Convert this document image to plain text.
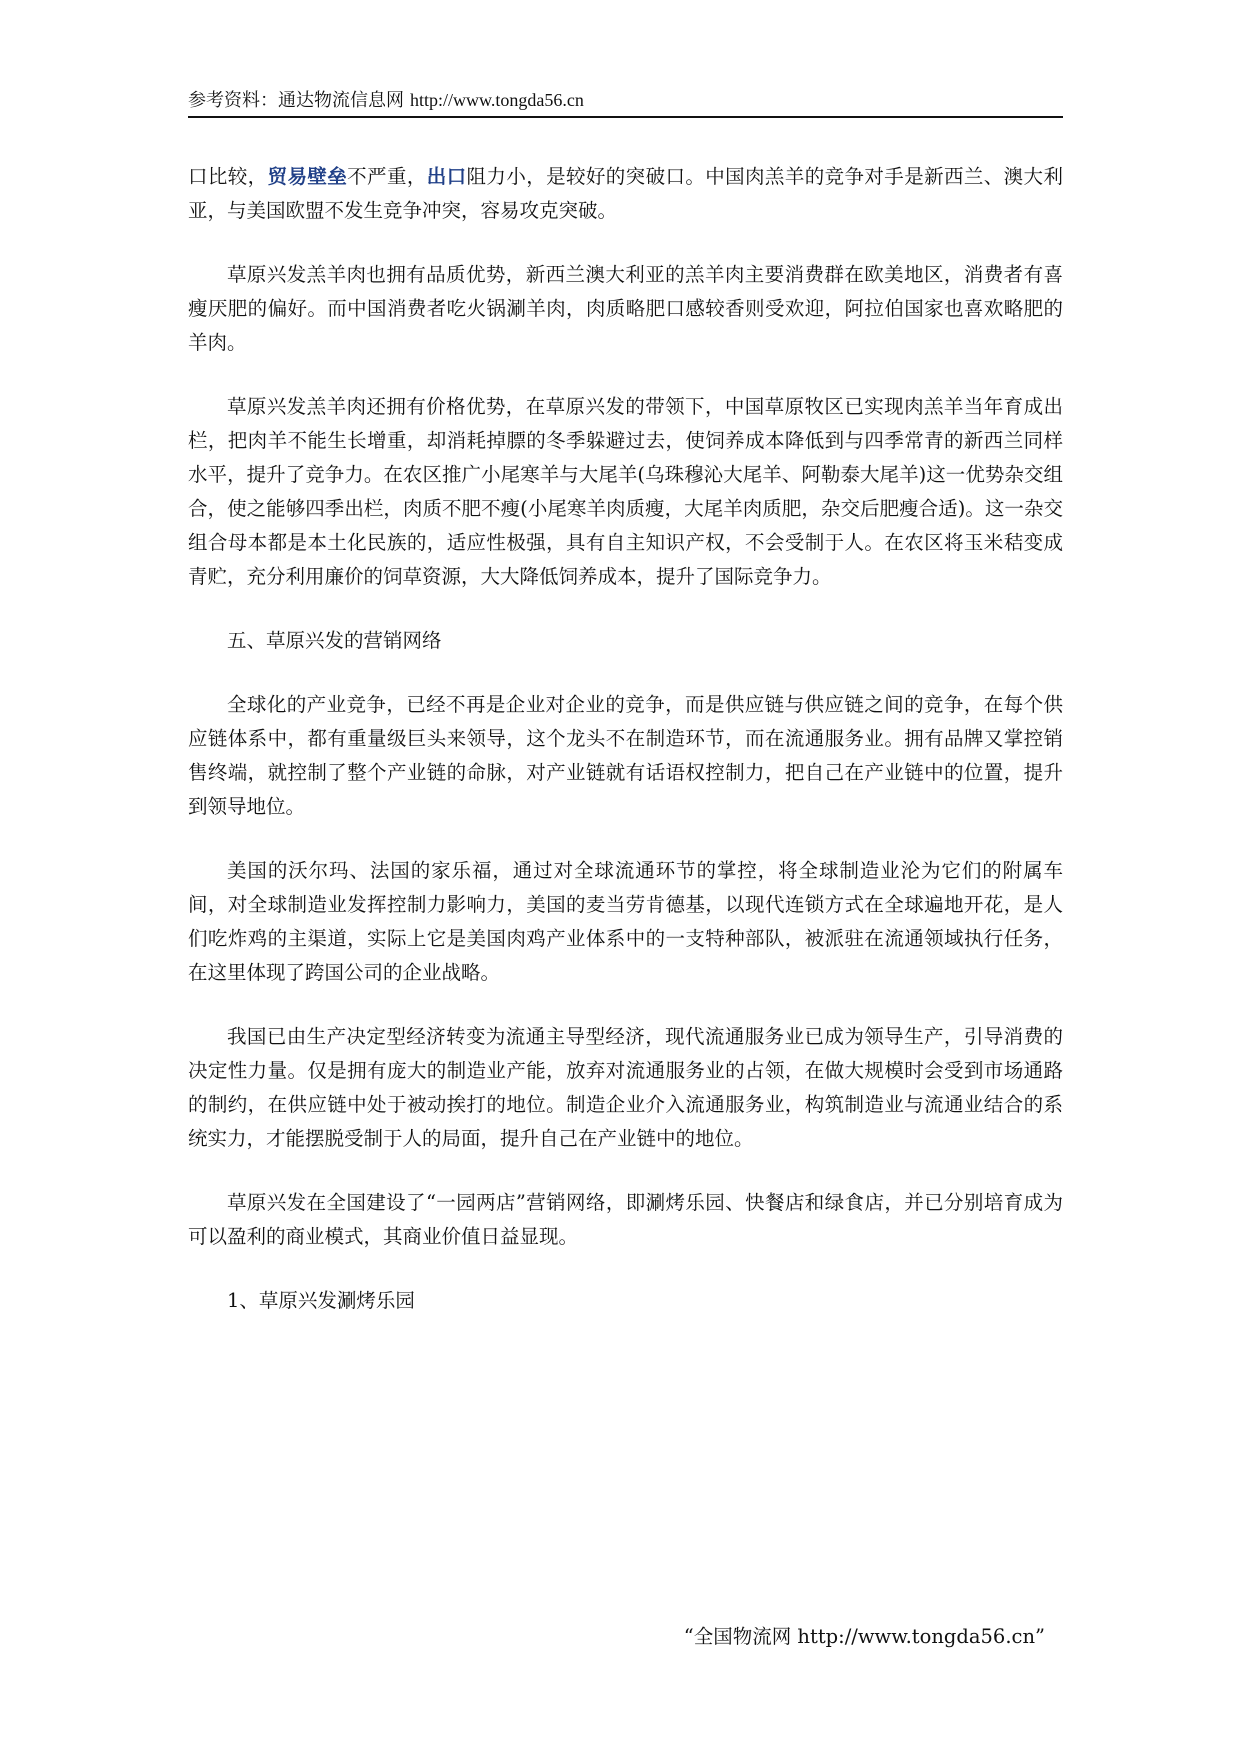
参考资料：通达物流信息网 http://www.tongda56.cn

口比较，贸易壁垒不严重，出口阻力小，是较好的突破口。中国肉羔羊的竞争对手是新西兰、澳大利亚，与美国欧盟不发生竞争冲突，容易攻克突破。

草原兴发羔羊肉也拥有品质优势，新西兰澳大利亚的羔羊肉主要消费群在欧美地区，消费者有喜瘦厌肥的偏好。而中国消费者吃火锅涮羊肉，肉质略肥口感较香则受欢迎，阿拉伯国家也喜欢略肥的羊肉。

草原兴发羔羊肉还拥有价格优势，在草原兴发的带领下，中国草原牧区已实现肉羔羊当年育成出栏，把肉羊不能生长增重，却消耗掉膘的冬季躲避过去，使饲养成本降低到与四季常青的新西兰同样水平，提升了竞争力。在农区推广小尾寒羊与大尾羊(乌珠穆沁大尾羊、阿勒泰大尾羊)这一优势杂交组合，使之能够四季出栏，肉质不肥不瘦(小尾寒羊肉质瘦，大尾羊肉质肥，杂交后肥瘦合适)。这一杂交组合母本都是本土化民族的，适应性极强，具有自主知识产权，不会受制于人。在农区将玉米秸变成青贮，充分利用廉价的饲草资源，大大降低饲养成本，提升了国际竞争力。

五、草原兴发的营销网络

全球化的产业竞争，已经不再是企业对企业的竞争，而是供应链与供应链之间的竞争，在每个供应链体系中，都有重量级巨头来领导，这个龙头不在制造环节，而在流通服务业。拥有品牌又掌控销售终端，就控制了整个产业链的命脉，对产业链就有话语权控制力，把自己在产业链中的位置，提升到领导地位。

美国的沃尔玛、法国的家乐福，通过对全球流通环节的掌控，将全球制造业沦为它们的附属车间，对全球制造业发挥控制力影响力，美国的麦当劳肯德基，以现代连锁方式在全球遍地开花，是人们吃炸鸡的主渠道，实际上它是美国肉鸡产业体系中的一支特种部队，被派驻在流通领域执行任务，在这里体现了跨国公司的企业战略。

我国已由生产决定型经济转变为流通主导型经济，现代流通服务业已成为领导生产，引导消费的决定性力量。仅是拥有庞大的制造业产能，放弃对流通服务业的占领，在做大规模时会受到市场通路的制约，在供应链中处于被动挨打的地位。制造企业介入流通服务业，构筑制造业与流通业结合的系统实力，才能摆脱受制于人的局面，提升自己在产业链中的地位。

草原兴发在全国建设了“一园两店”营销网络，即涮烤乐园、快餐店和绿食店，并已分别培育成为可以盈利的商业模式，其商业价值日益显现。

1、草原兴发涮烤乐园

“全国物流网 http://www.tongda56.cn”
